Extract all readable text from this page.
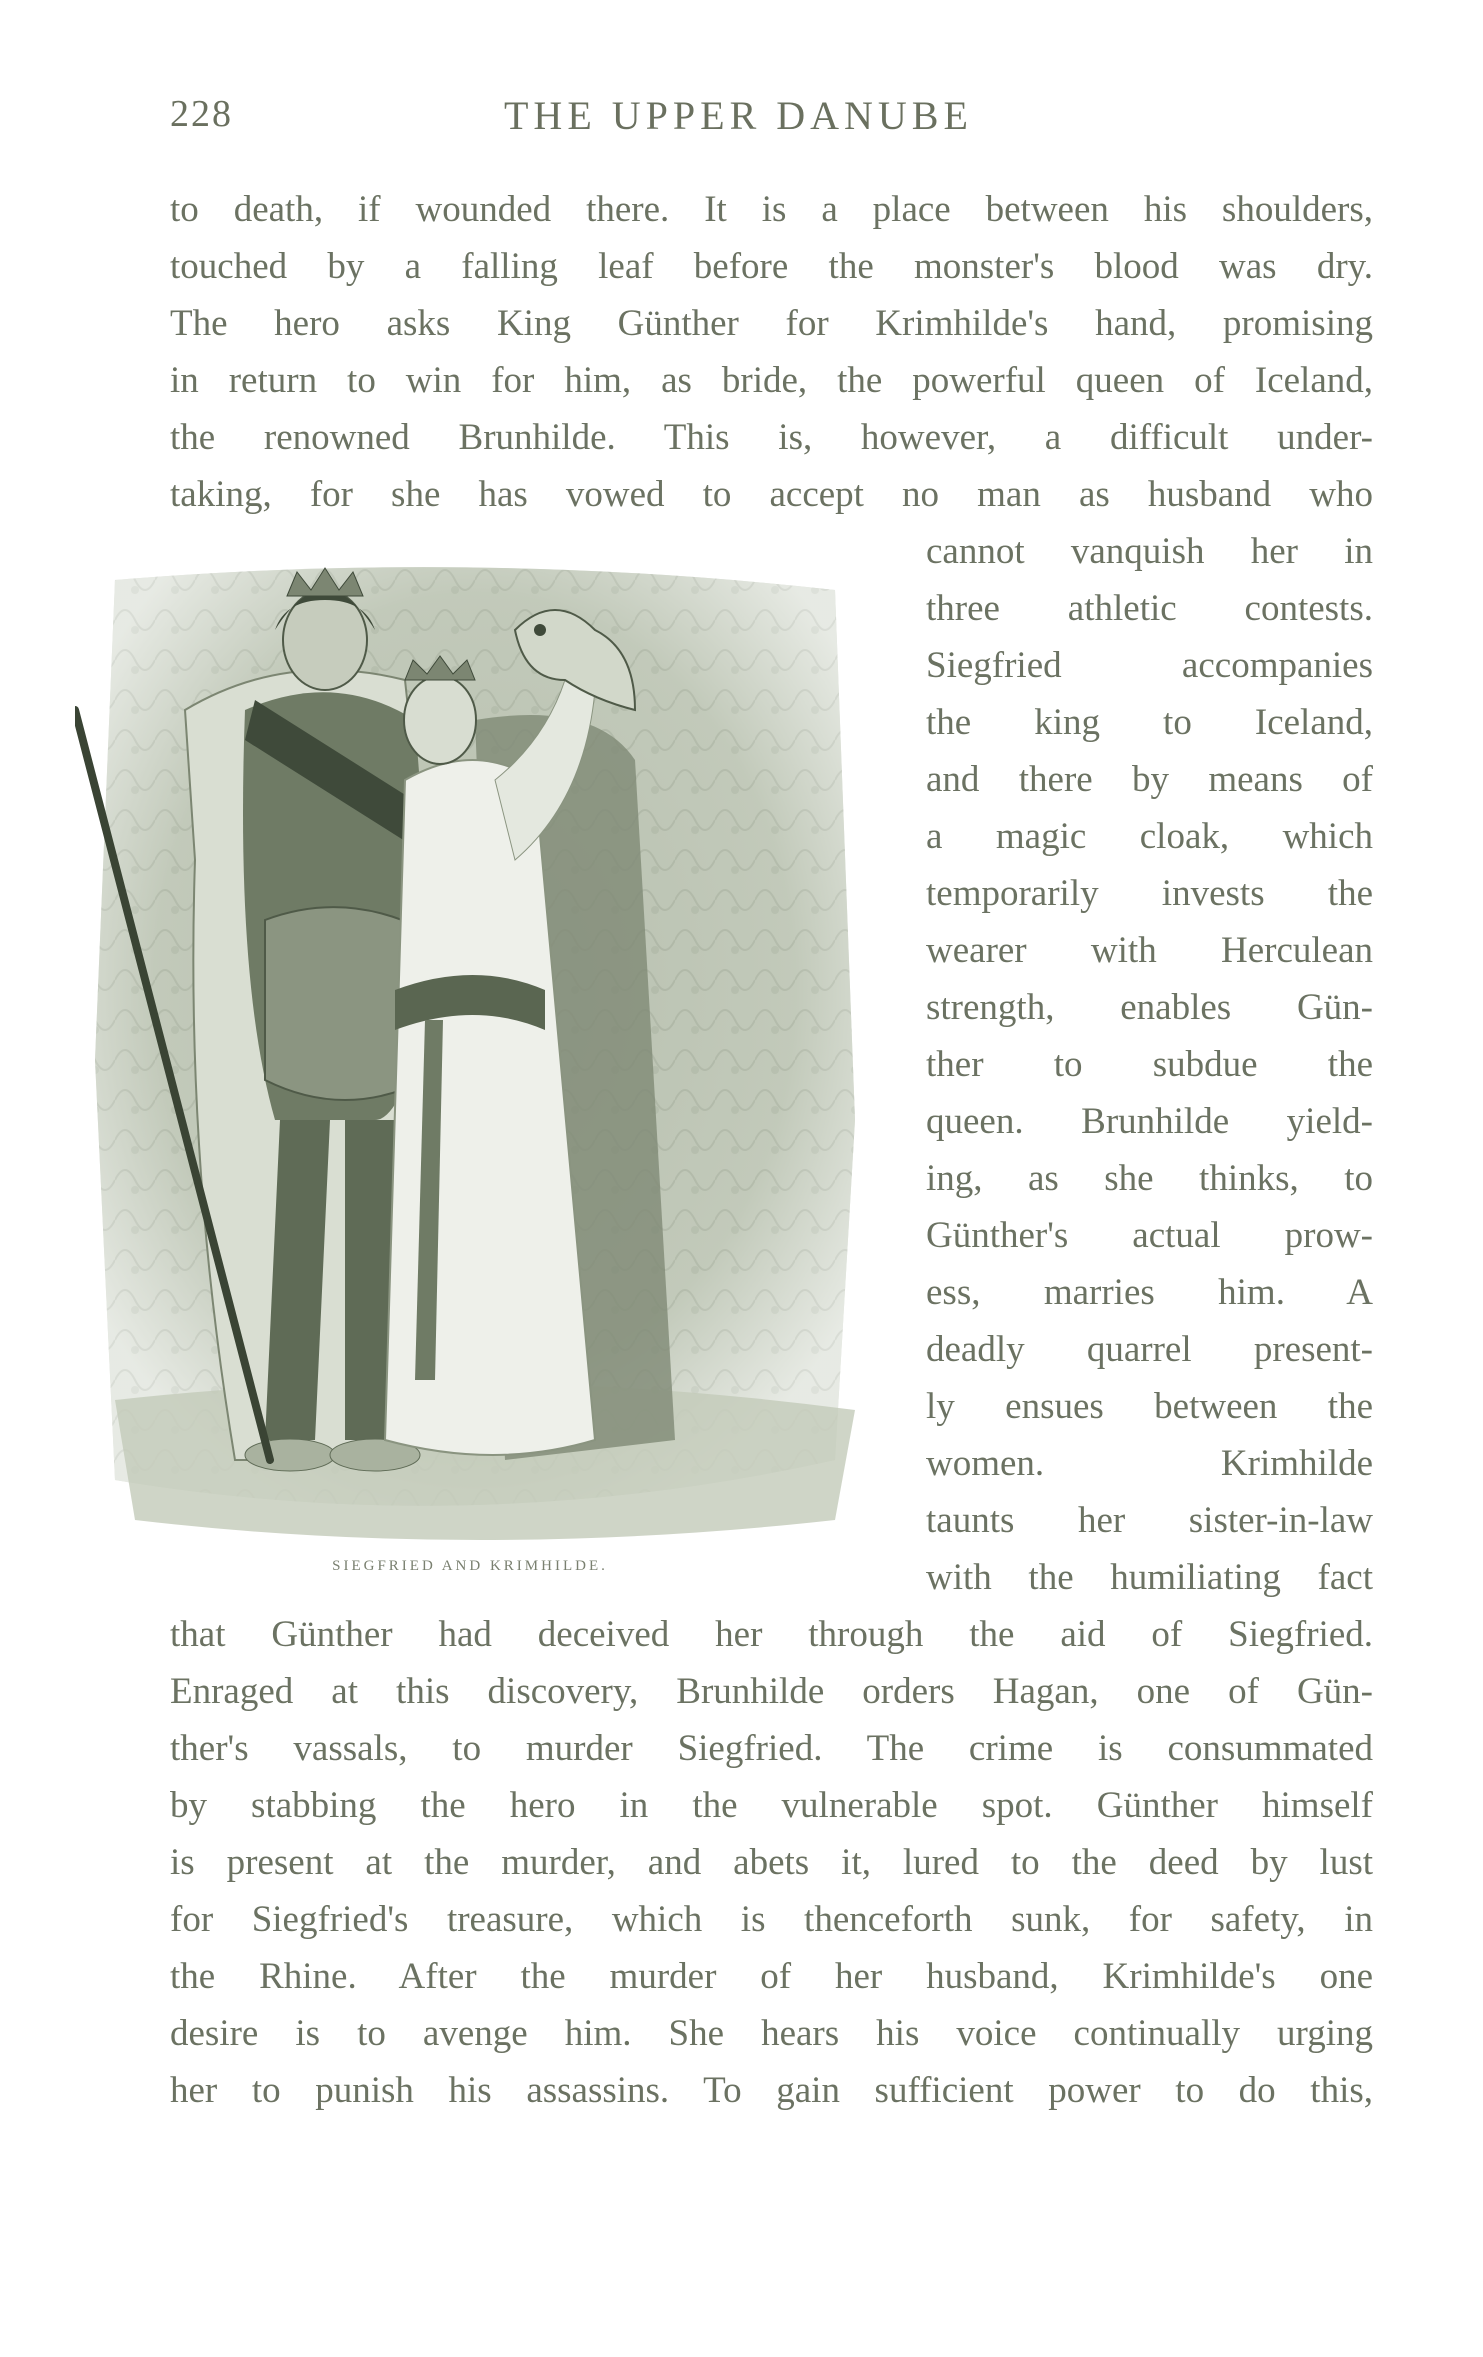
228	THE UPPER DANUBE
to death, if wounded there. It is a place between his shoulders,
touched by a falling leaf before the monster's blood was dry.
The hero asks King Günther for Krimhilde's hand, promising
in return to win for him, as bride, the powerful queen of Iceland,
the renowned Brunhilde. This is, however, a difficult under-
taking, for she has vowed to accept no man as husband who
SIEGFRIED AND KRIMHILDE.
cannot vanquish her in
three athletic contests.
Siegfried accompanies
the king to Iceland,
and there by means of
a magic cloak, which
temporarily invests the
wearer with Herculean
strength, enables Gün-
ther to subdue the
queen. Brunhilde yield-
ing, as she thinks, to
Günther's actual prow-
ess, marries him. A
deadly quarrel present-
ly ensues between the
women. Krimhilde
taunts her sister-in-law
with the humiliating fact
that Günther had deceived her through the aid of Siegfried.
Enraged at this discovery, Brunhilde orders Hagan, one of Gün-
ther's vassals, to murder Siegfried. The crime is consummated
by stabbing the hero in the vulnerable spot. Günther himself
is present at the murder, and abets it, lured to the deed by lust
for Siegfried's treasure, which is thenceforth sunk, for safety, in
the Rhine. After the murder of her husband, Krimhilde's one
desire is to avenge him. She hears his voice continually urging
her to punish his assassins. To gain sufficient power to do this,
